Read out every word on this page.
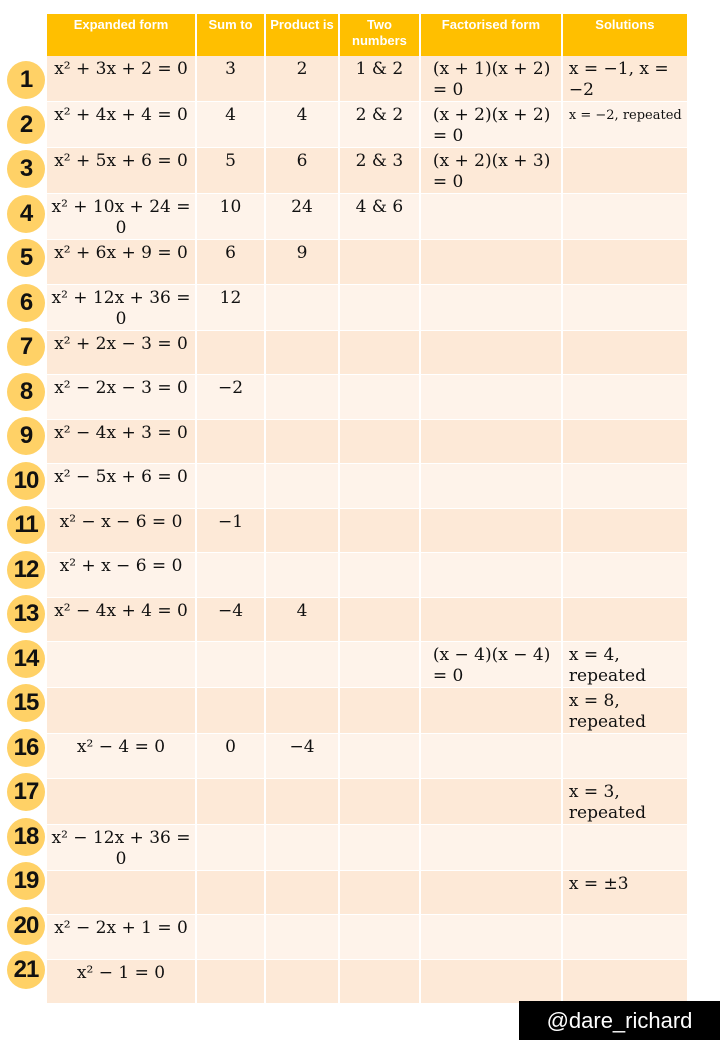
Expanded form	Sum to	Product is	Two numbers	Factorised form	Solutions
x² + 3x + 2 = 0	3	2	1 & 2	(x + 1)(x + 2) = 0	x = −1, x = −2
x² + 4x + 4 = 0	4	4	2 & 2	(x + 2)(x + 2) = 0	x = −2, repeated
x² + 5x + 6 = 0	5	6	2 & 3	(x + 2)(x + 3) = 0	
x² + 10x + 24 = 0	10	24	4 & 6		
x² + 6x + 9 = 0	6	9			
x² + 12x + 36 = 0	12				
x² + 2x − 3 = 0					
x² − 2x − 3 = 0	−2				
x² − 4x + 3 = 0					
x² − 5x + 6 = 0					
x² − x − 6 = 0	−1				
x² + x − 6 = 0					
x² − 4x + 4 = 0	−4	4			
				(x − 4)(x − 4) = 0	x = 4, repeated
					x = 8, repeated
x² − 4 = 0	0	−4			
					x = 3, repeated
x² − 12x + 36 = 0					
					x = ±3
x² − 2x + 1 = 0					
x² − 1 = 0					
1
2
3
4
5
6
7
8
9
10
11
12
13
14
15
16
17
18
19
20
21
@dare_richard
